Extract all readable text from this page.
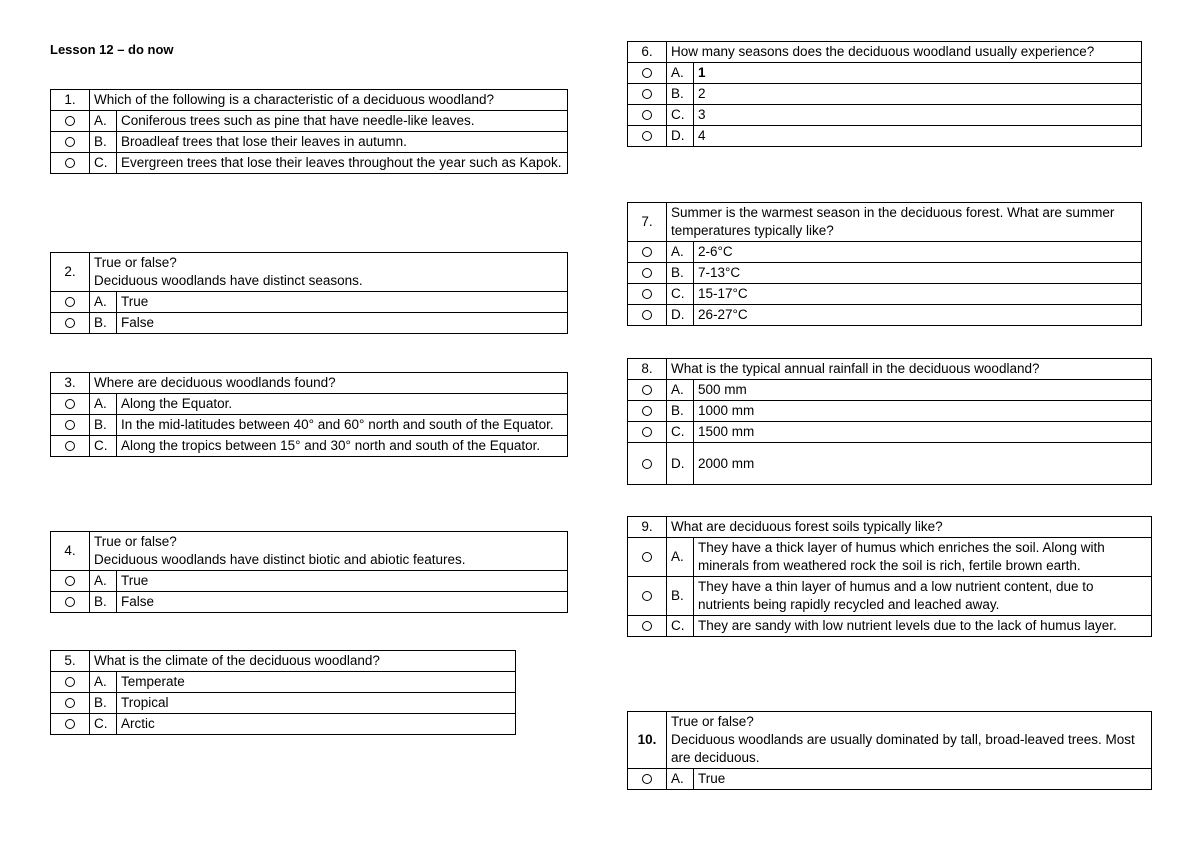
Lesson 12 – do now
1.	Which of the following is a characteristic of a deciduous woodland?	
	A.	Coniferous trees such as pine that have needle-like leaves.
	B.	Broadleaf trees that lose their leaves in autumn.
	C.	Evergreen trees that lose their leaves throughout the year such as Kapok.
2.	True or false?
Deciduous woodlands have distinct seasons.	

	A.	True
	B.	False
3.	Where are deciduous woodlands found?	
	A.	Along the Equator.
	B.	In the mid-latitudes between 40° and 60° north and south of the Equator.
	C.	Along the tropics between 15° and 30° north and south of the Equator.
4.	True or false?
Deciduous woodlands have distinct biotic and abiotic features.	

	A.	True
	B.	False
5.	What is the climate of the deciduous woodland?	
	A.	Temperate
	B.	Tropical
	C.	Arctic
6.	How many seasons does the deciduous woodland usually experience?	
	A.	1
	B.	2
	C.	3
	D.	4
7.	Summer is the warmest season in the deciduous forest. What are summer temperatures typically like?	
	A.	2-6°C
	B.	7-13°C
	C.	15-17°C
	D.	26-27°C
8.	What is the typical annual rainfall in the deciduous woodland?	
	A.	500 mm
	B.	1000 mm
	C.	1500 mm
	D.	2000 mm
9.	What are deciduous forest soils typically like?	
	A.	They have a thick layer of humus which enriches the soil. Along with minerals from weathered rock the soil is rich, fertile brown earth.
	B.	They have a thin layer of humus and a low nutrient content, due to nutrients being rapidly recycled and leached away.
	C.	They are sandy with low nutrient levels due to the lack of humus layer.
10.	True or false?
Deciduous woodlands are usually dominated by tall, broad-leaved trees. Most are deciduous.	

	A.	True
